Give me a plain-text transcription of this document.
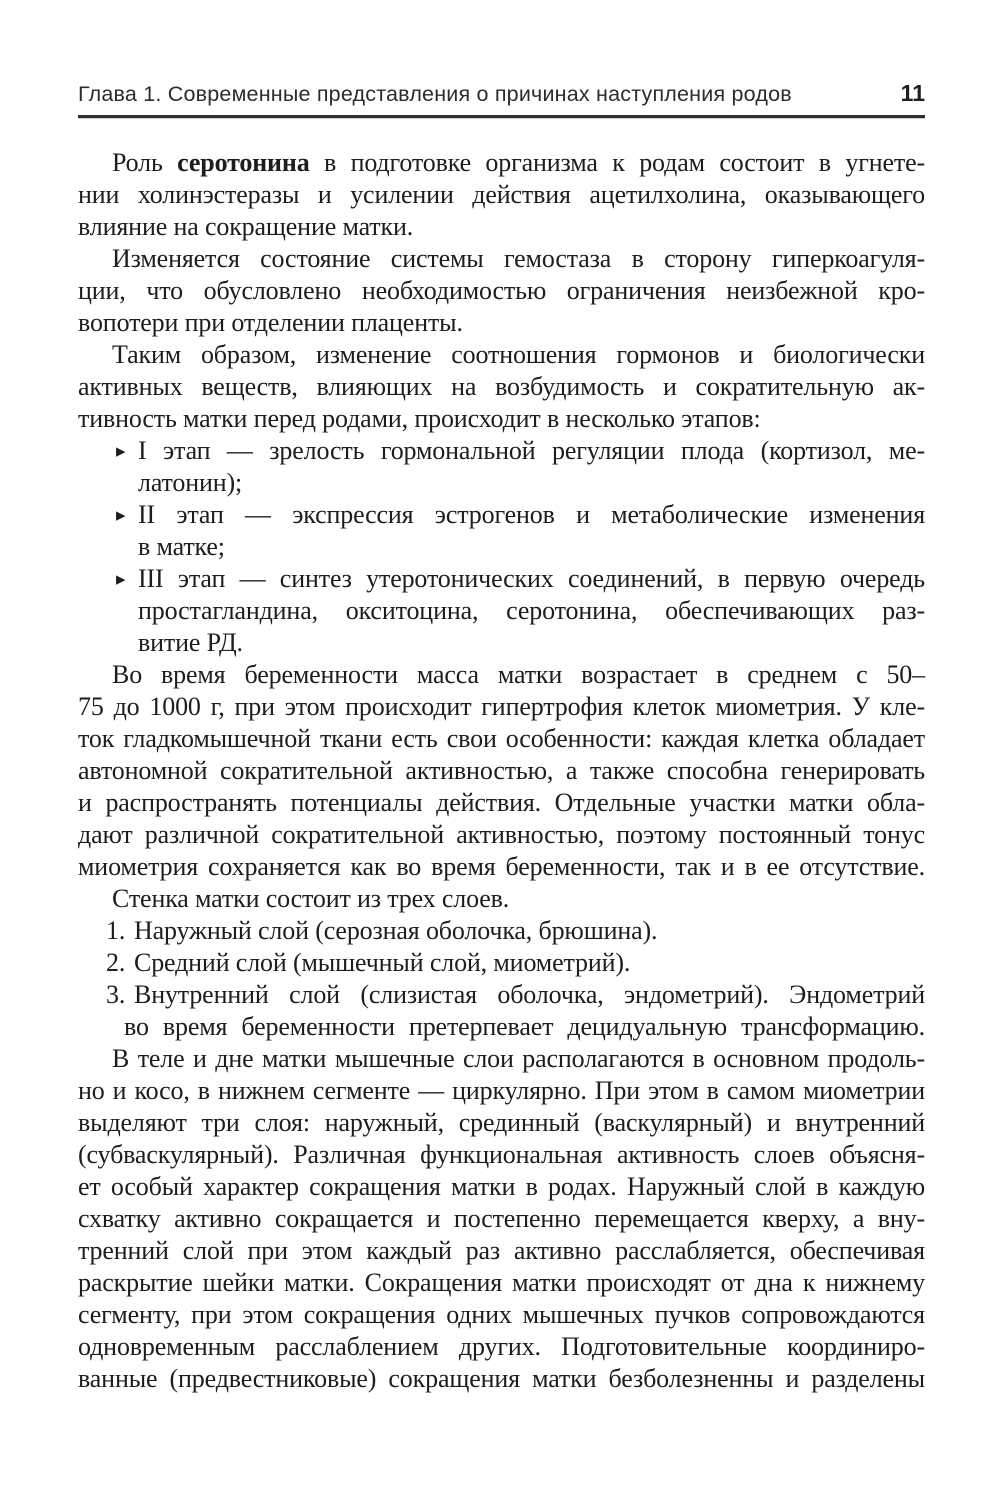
Глава 1. Современные представления о причинах наступления родов	11
Роль серотонина в подготовке организма к родам состоит в угнете-
нии холинэстеразы и усилении действия ацетилхолина, оказывающего
влияние на сокращение матки.
Изменяется состояние системы гемостаза в сторону гиперкоагуля-
ции, что обусловлено необходимостью ограничения неизбежной кро-
вопотери при отделении плаценты.
Таким образом, изменение соотношения гормонов и биологически
активных веществ, влияющих на возбудимость и сократительную ак-
тивность матки перед родами, происходит в несколько этапов:
▸ I этап — зрелость гормональной регуляции плода (кортизол, ме-
латонин);
▸ II этап — экспрессия эстрогенов и метаболические изменения
в матке;
▸ III этап — синтез утеротонических соединений, в первую очередь
простагландина, окситоцина, серотонина, обеспечивающих раз-
витие РД.
Во время беременности масса матки возрастает в среднем с 50–
75 до 1000 г, при этом происходит гипертрофия клеток миометрия. У кле-
ток гладкомышечной ткани есть свои особенности: каждая клетка обладает
автономной сократительной активностью, а также способна генерировать
и распространять потенциалы действия. Отдельные участки матки обла-
дают различной сократительной активностью, поэтому постоянный тонус
миометрия сохраняется как во время беременности, так и в ее отсутствие.
Стенка матки состоит из трех слоев.
1. Наружный слой (серозная оболочка, брюшина).
2. Средний слой (мышечный слой, миометрий).
3. Внутренний слой (слизистая оболочка, эндометрий). Эндометрий
во время беременности претерпевает децидуальную трансформацию.
В теле и дне матки мышечные слои располагаются в основном продоль-
но и косо, в нижнем сегменте — циркулярно. При этом в самом миометрии
выделяют три слоя: наружный, срединный (васкулярный) и внутренний
(субваскулярный). Различная функциональная активность слоев объясня-
ет особый характер сокращения матки в родах. Наружный слой в каждую
схватку активно сокращается и постепенно перемещается кверху, а вну-
тренний слой при этом каждый раз активно расслабляется, обеспечивая
раскрытие шейки матки. Сокращения матки происходят от дна к нижнему
сегменту, при этом сокращения одних мышечных пучков сопровождаются
одновременным расслаблением других. Подготовительные координиро-
ванные (предвестниковые) сокращения матки безболезненны и разделены
